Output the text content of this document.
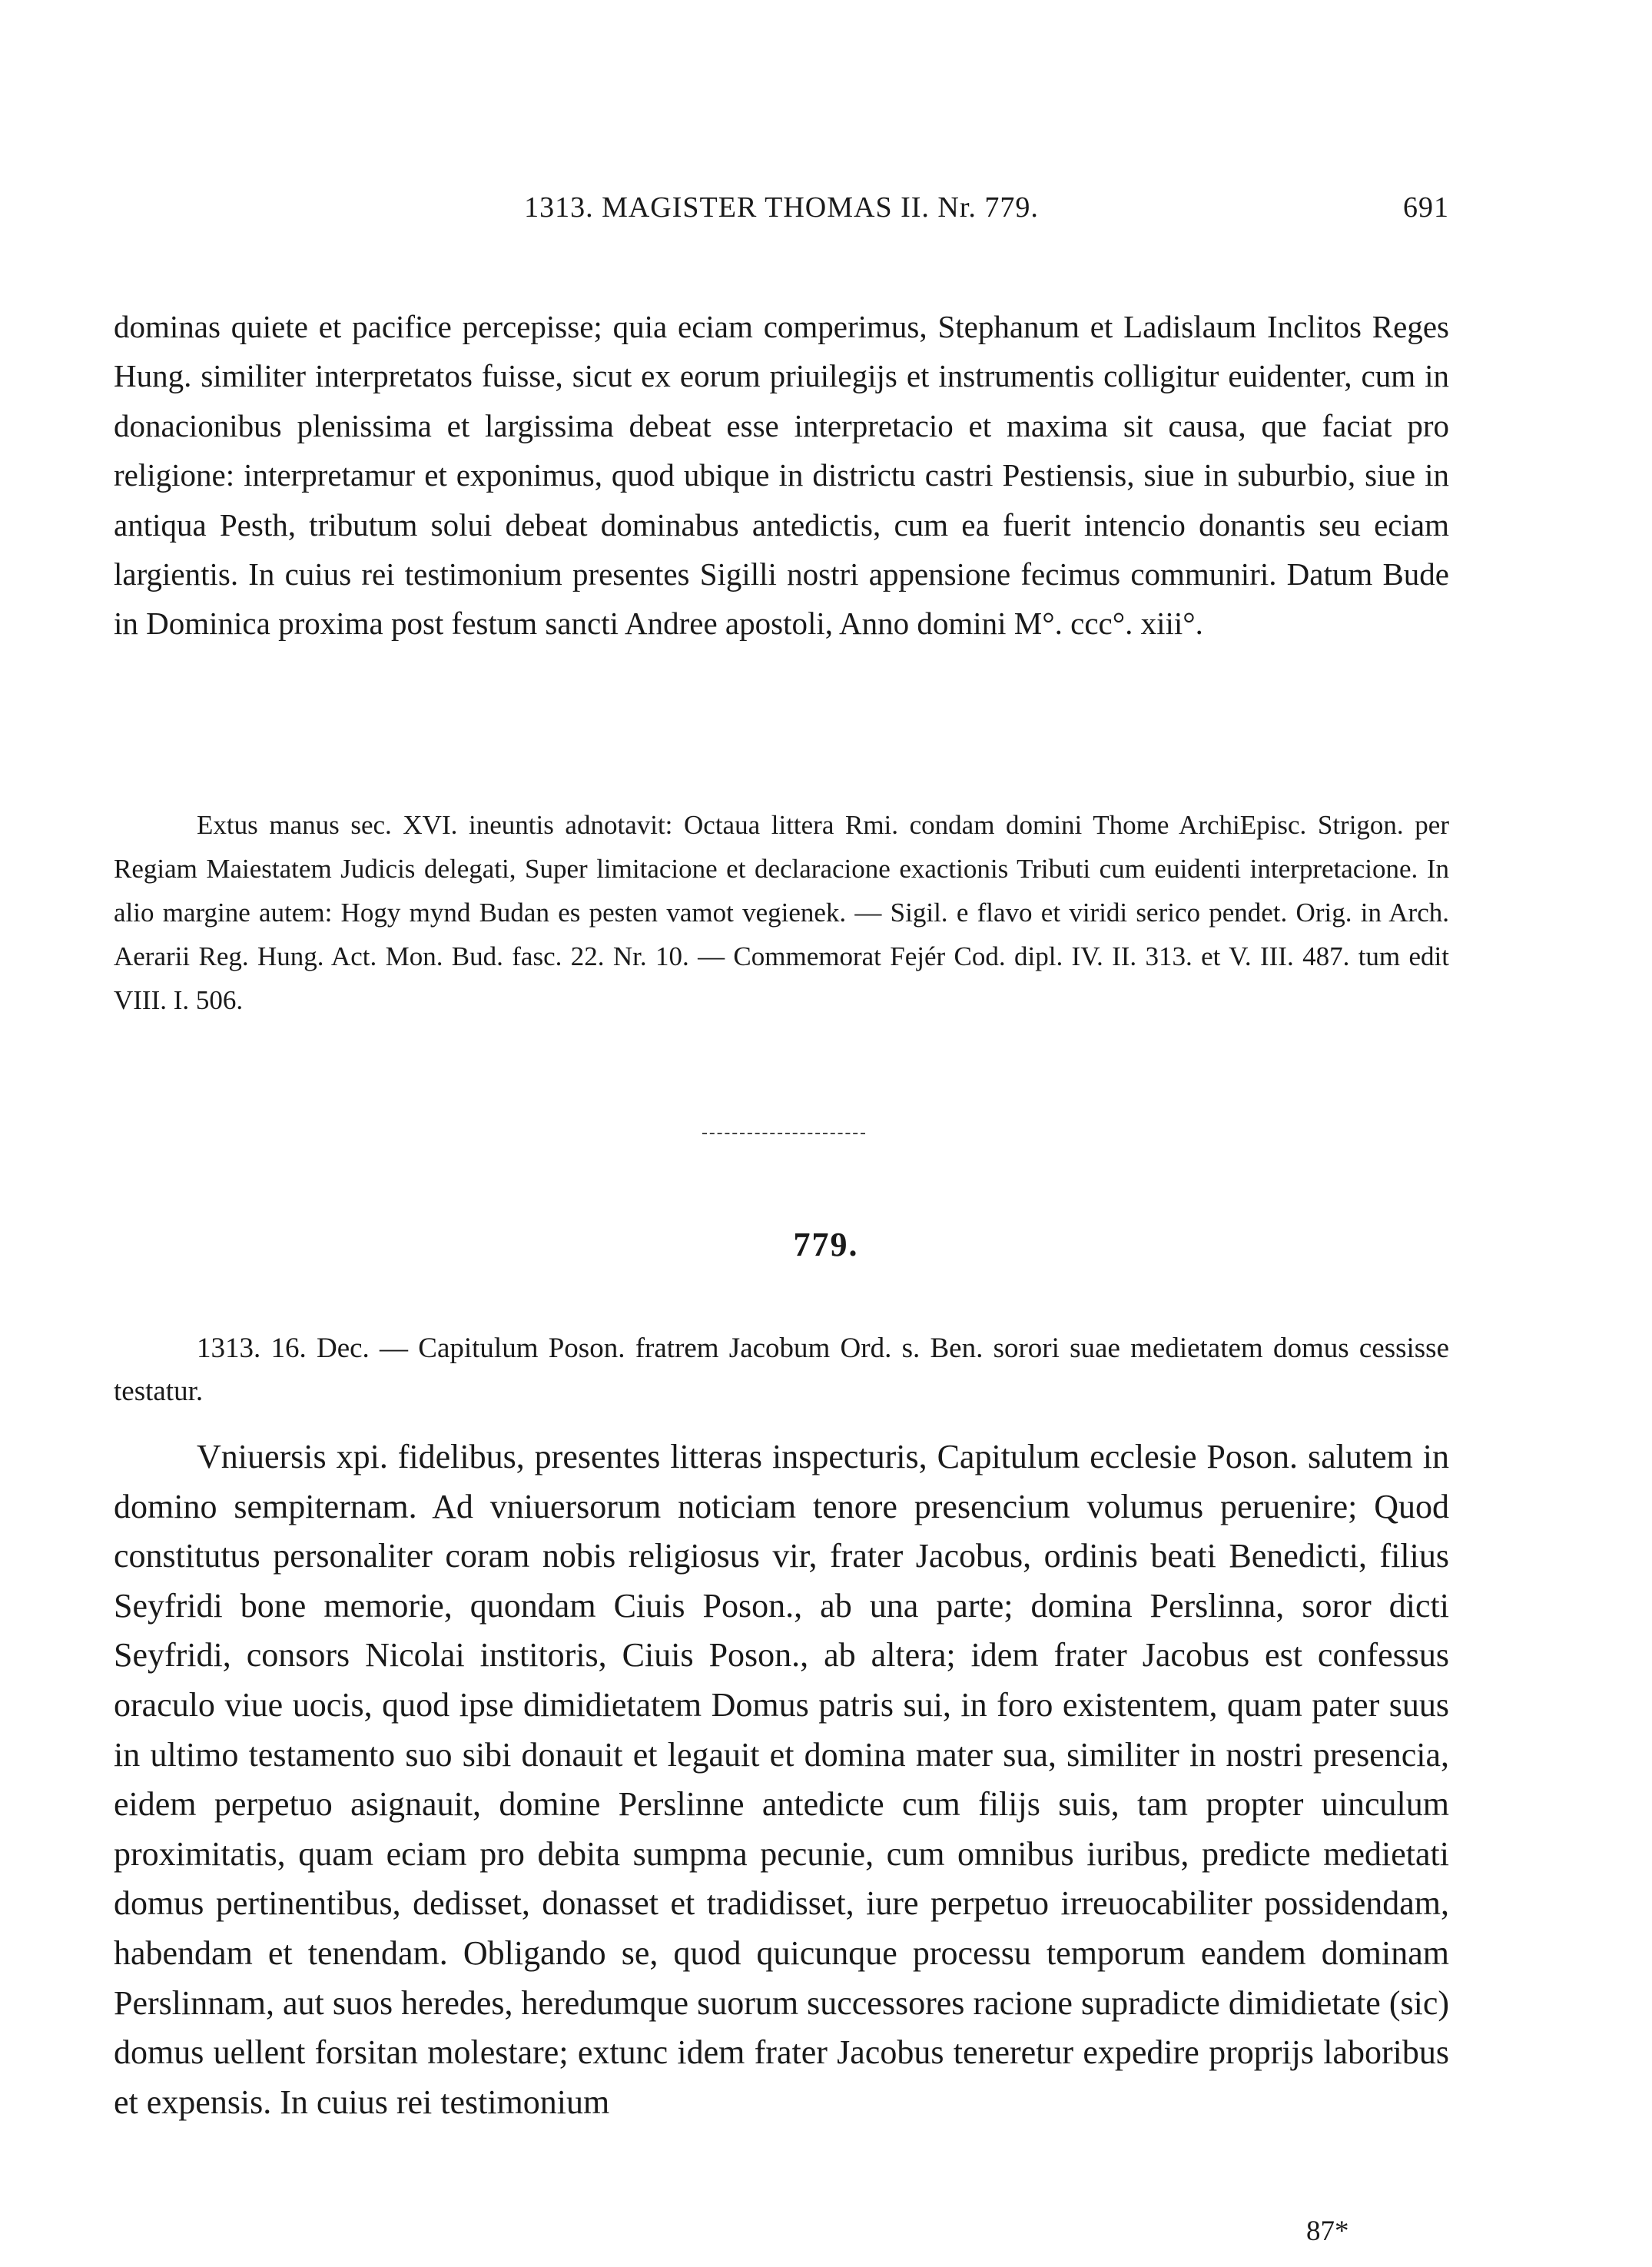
1313. MAGISTER THOMAS II. Nr. 779.	691

dominas quiete et pacifice percepisse; quia eciam comperimus, Stephanum et Ladislaum Inclitos Reges Hung. similiter interpretatos fuisse, sicut ex eorum priuilegijs et instrumentis colligitur euidenter, cum in donacionibus plenissima et largissima debeat esse interpretacio et maxima sit causa, que faciat pro religione: interpretamur et exponimus, quod ubique in districtu castri Pestiensis, siue in suburbio, siue in antiqua Pesth, tributum solui debeat dominabus antedictis, cum ea fuerit intencio donantis seu eciam largientis. In cuius rei testimonium presentes Sigilli nostri appensione fecimus communiri. Datum Bude in Dominica proxima post festum sancti Andree apostoli, Anno domini M°. ccc°. xiii°.

Extus manus sec. XVI. ineuntis adnotavit: Octaua littera Rmi. condam domini Thome ArchiEpisc. Strigon. per Regiam Maiestatem Judicis delegati, Super limitacione et declaracione exactionis Tributi cum euidenti interpretacione. In alio margine autem: Hogy mynd Budan es pesten vamot vegienek. — Sigil. e flavo et viridi serico pendet. Orig. in Arch. Aerarii Reg. Hung. Act. Mon. Bud. fasc. 22. Nr. 10. — Commemorat Fejér Cod. dipl. IV. II. 313. et V. III. 487. tum edit VIII. I. 506.

779.

1313. 16. Dec. — Capitulum Poson. fratrem Jacobum Ord. s. Ben. sorori suae medietatem domus cessisse testatur.

Vniuersis xpi. fidelibus, presentes litteras inspecturis, Capitulum ecclesie Poson. salutem in domino sempiternam. Ad vniuersorum noticiam tenore presencium volumus peruenire; Quod constitutus personaliter coram nobis religiosus vir, frater Jacobus, ordinis beati Benedicti, filius Seyfridi bone memorie, quondam Ciuis Poson., ab una parte; domina Perslinna, soror dicti Seyfridi, consors Nicolai institoris, Ciuis Poson., ab altera; idem frater Jacobus est confessus oraculo viue uocis, quod ipse dimidietatem Domus patris sui, in foro existentem, quam pater suus in ultimo testamento suo sibi donauit et legauit et domina mater sua, similiter in nostri presencia, eidem perpetuo asignauit, domine Perslinne antedicte cum filijs suis, tam propter uinculum proximitatis, quam eciam pro debita sumpma pecunie, cum omnibus iuribus, predicte medietati domus pertinentibus, dedisset, donasset et tradidisset, iure perpetuo irreuocabiliter possidendam, habendam et tenendam. Obligando se, quod quicunque processu temporum eandem dominam Perslinnam, aut suos heredes, heredumque suorum successores racione supradicte dimidietate (sic) domus uellent forsitan molestare; extunc idem frater Jacobus teneretur expedire proprijs laboribus et expensis. In cuius rei testimonium

87*
